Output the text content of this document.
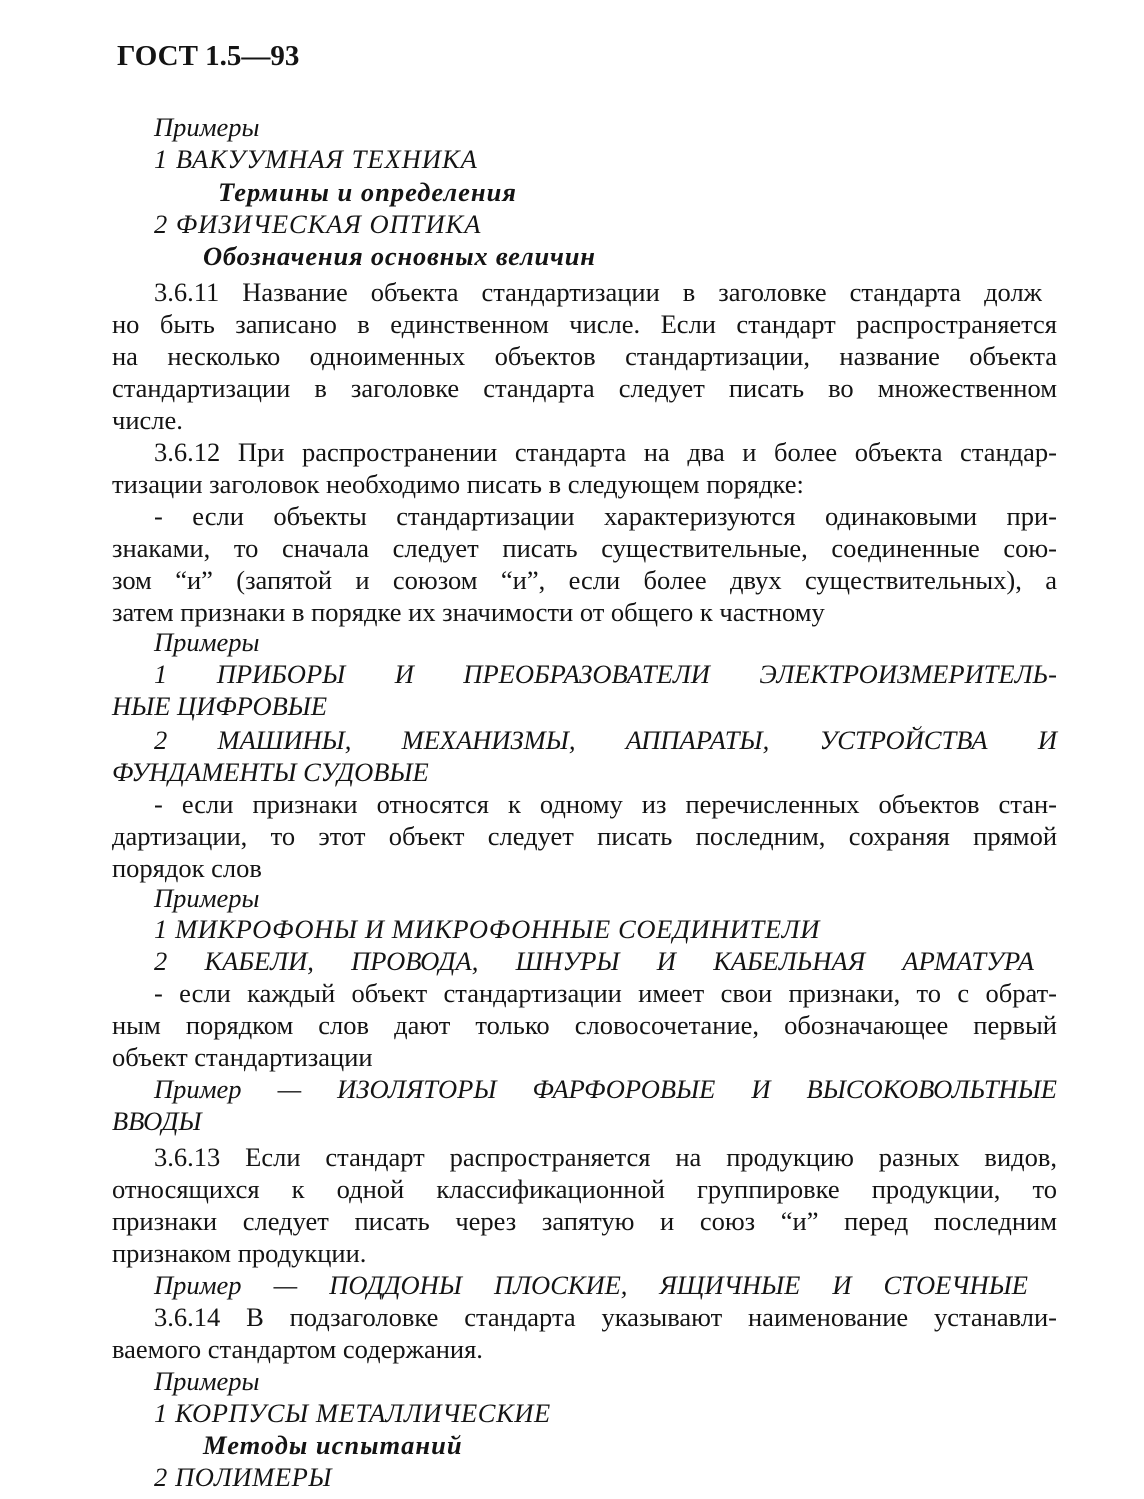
ГОСТ 1.5—93
Примеры
1 ВАКУУМНАЯ ТЕХНИКА
Термины и определения
2 ФИЗИЧЕСКАЯ ОПТИКА
Обозначения основных величин
3.6.11 Название объекта стандартизации в заголовке стандарта долж
но быть записано в единственном числе. Если стандарт распространяется
на несколько одноименных объектов стандартизации, название объекта
стандартизации в заголовке стандарта следует писать во множественном
числе.
3.6.12 При распространении стандарта на два и более объекта стандар-
тизации заголовок необходимо писать в следующем порядке:
- если объекты стандартизации характеризуются одинаковыми при-
знаками, то сначала следует писать существительные, соединенные сою-
зом “и” (запятой и союзом “и”, если более двух существительных), а
затем признаки в порядке их значимости от общего к частному
Примеры
1 ПРИБОРЫ И ПРЕОБРАЗОВАТЕЛИ ЭЛЕКТРОИЗМЕРИТЕЛЬ-
НЫЕ ЦИФРОВЫЕ
2 МАШИНЫ, МЕХАНИЗМЫ, АППАРАТЫ, УСТРОЙСТВА И
ФУНДАМЕНТЫ СУДОВЫЕ
- если признаки относятся к одному из перечисленных объектов стан-
дартизации, то этот объект следует писать последним, сохраняя прямой
порядок слов
Примеры
1 МИКРОФОНЫ И МИКРОФОННЫЕ СОЕДИНИТЕЛИ
2 КАБЕЛИ, ПРОВОДА, ШНУРЫ И КАБЕЛЬНАЯ АРМАТУРА
- если каждый объект стандартизации имеет свои признаки, то с обрат-
ным порядком слов дают только словосочетание, обозначающее первый
объект стандартизации
Пример — ИЗОЛЯТОРЫ ФАРФОРОВЫЕ И ВЫСОКОВОЛЬТНЫЕ
ВВОДЫ
3.6.13 Если стандарт распространяется на продукцию разных видов,
относящихся к одной классификационной группировке продукции, то
признаки следует писать через запятую и союз “и” перед последним
признаком продукции.
Пример — ПОДДОНЫ ПЛОСКИЕ, ЯЩИЧНЫЕ И СТОЕЧНЫЕ
3.6.14 В подзаголовке стандарта указывают наименование устанавли-
ваемого стандартом содержания.
Примеры
1 КОРПУСЫ МЕТАЛЛИЧЕСКИЕ
Методы испытаний
2 ПОЛИМЕРЫ
